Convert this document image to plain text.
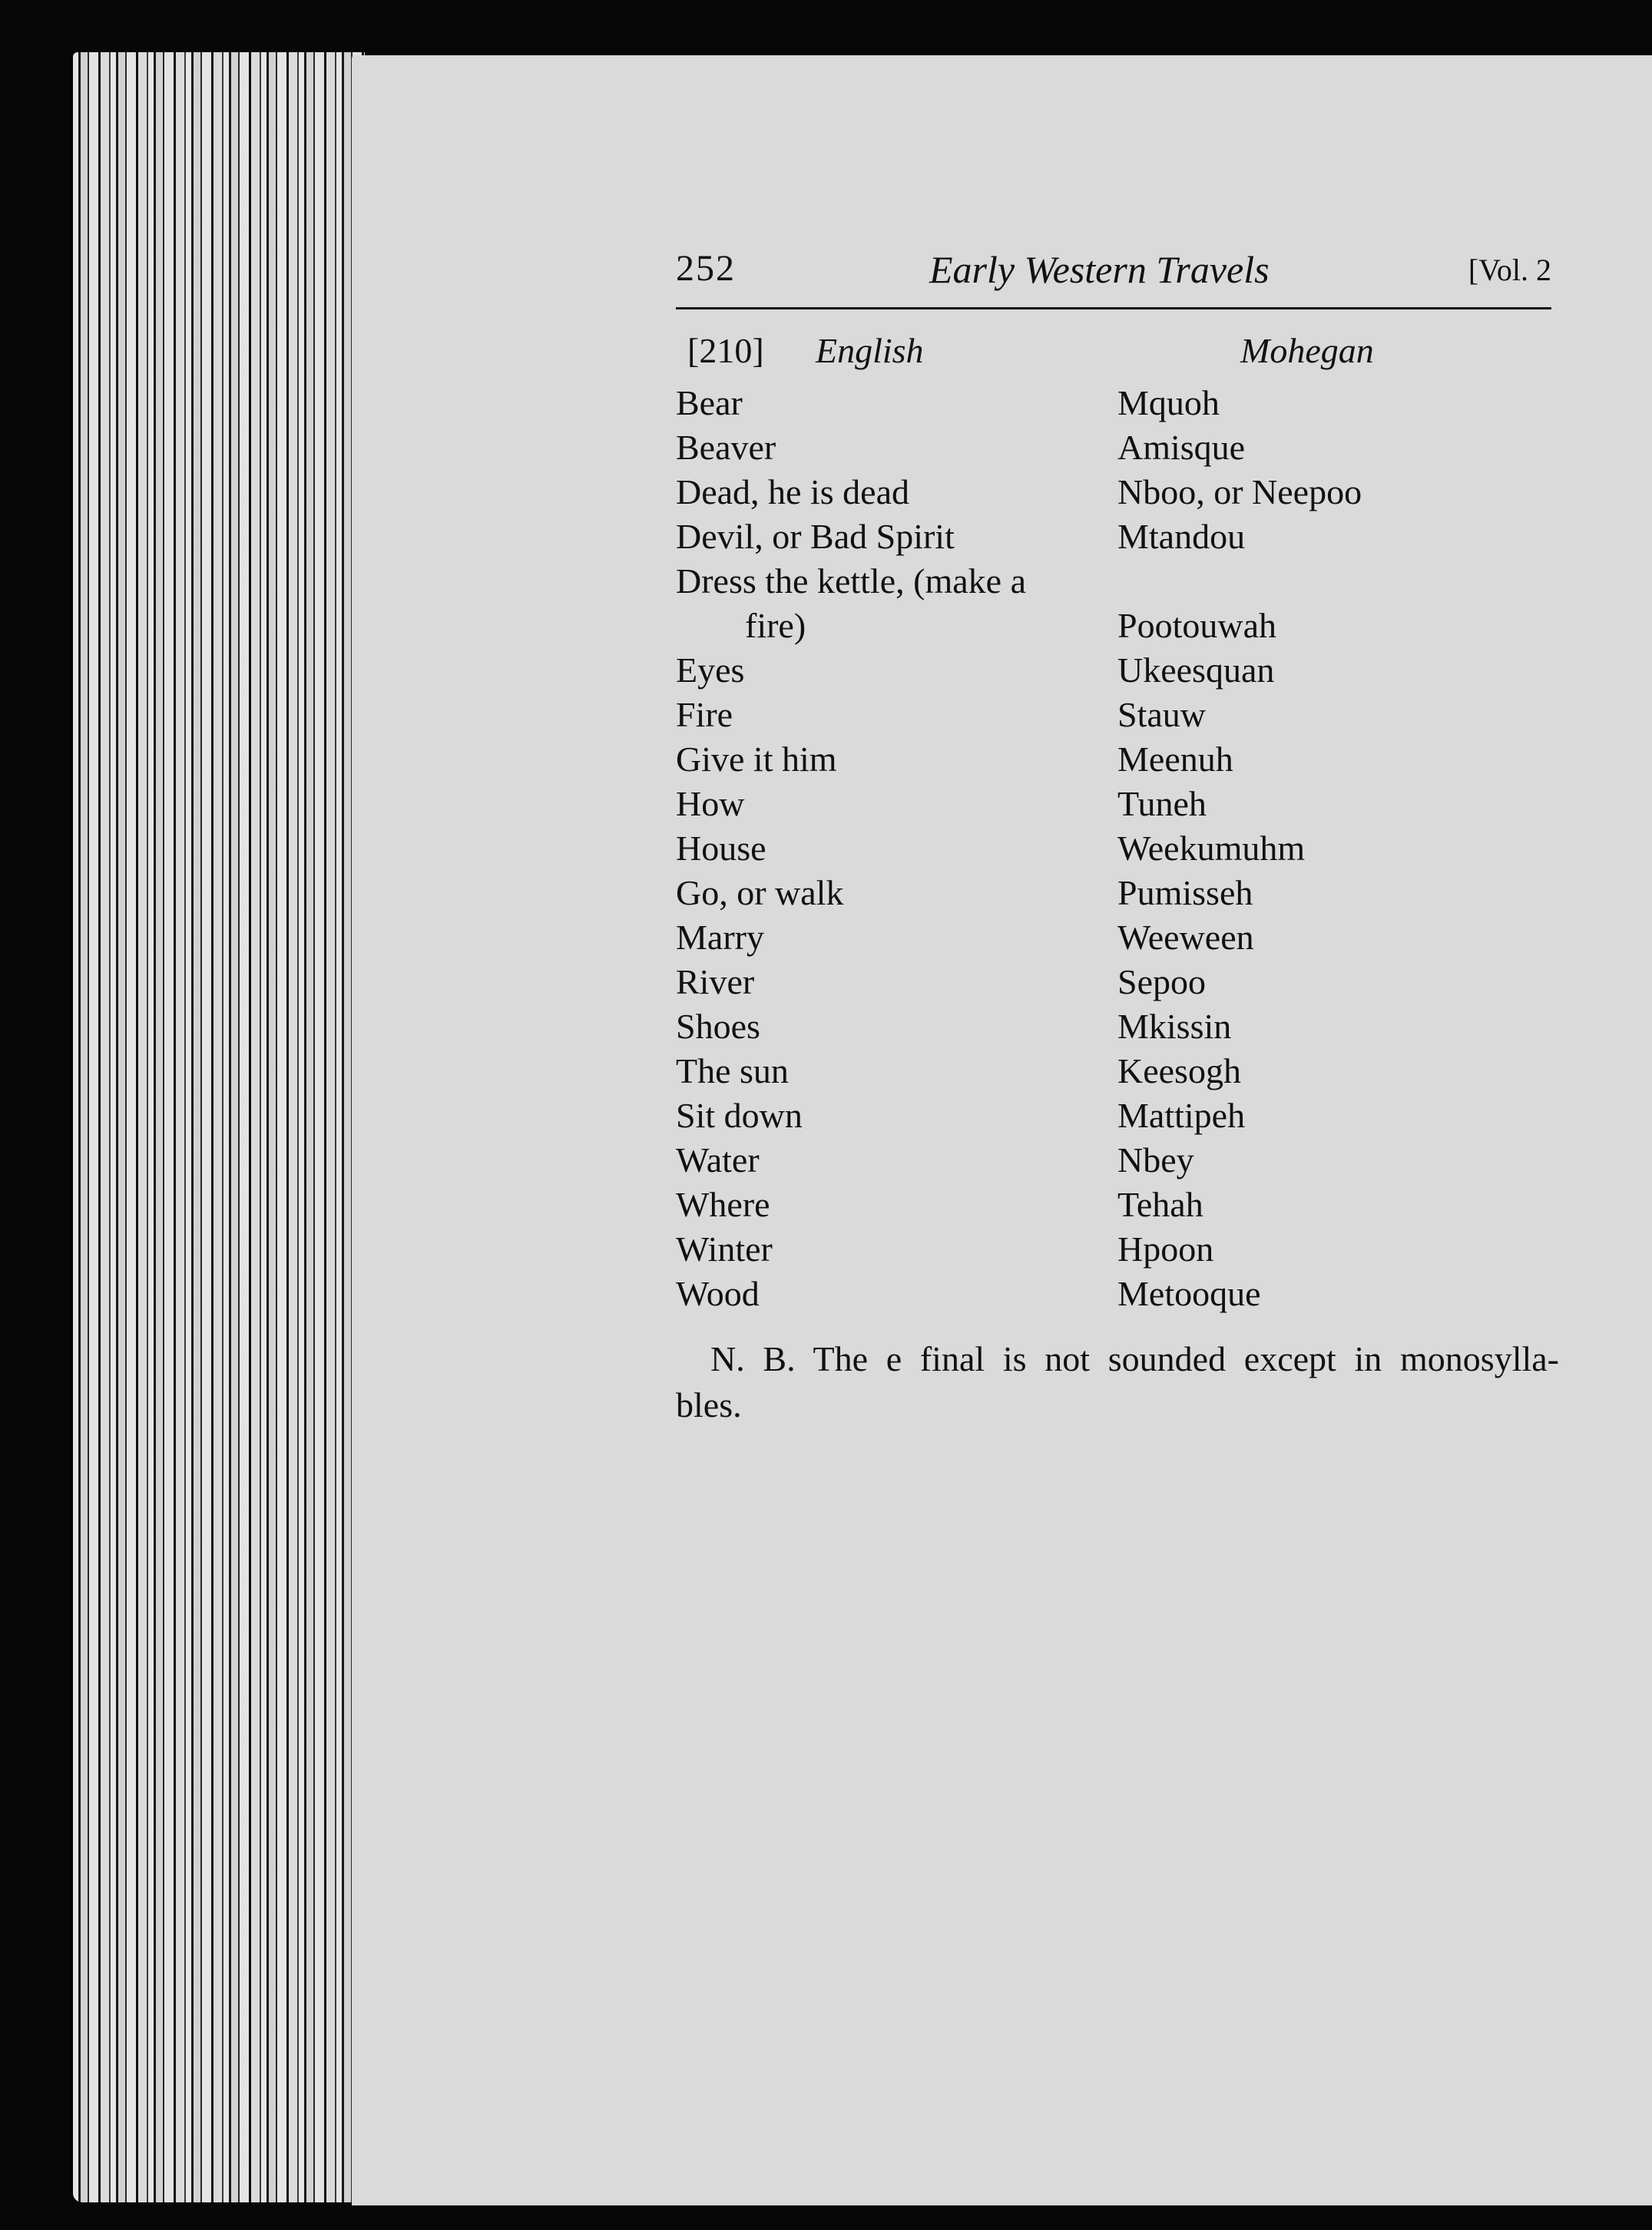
252	Early Western Travels	[Vol. 2
[210] English	Mohegan
Bear	Mquoh
Beaver	Amisque
Dead, he is dead	Nboo, or Neepoo
Devil, or Bad Spirit	Mtandou
Dress the kettle, (make a
fire)	Pootouwah
Eyes	Ukeesquan
Fire	Stauw
Give it him	Meenuh
How	Tuneh
House	Weekumuhm
Go, or walk	Pumisseh
Marry	Weeween
River	Sepoo
Shoes	Mkissin
The sun	Keesogh
Sit down	Mattipeh
Water	Nbey
Where	Tehah
Winter	Hpoon
Wood	Metooque
N. B. The e final is not sounded except in monosylla-
bles.
